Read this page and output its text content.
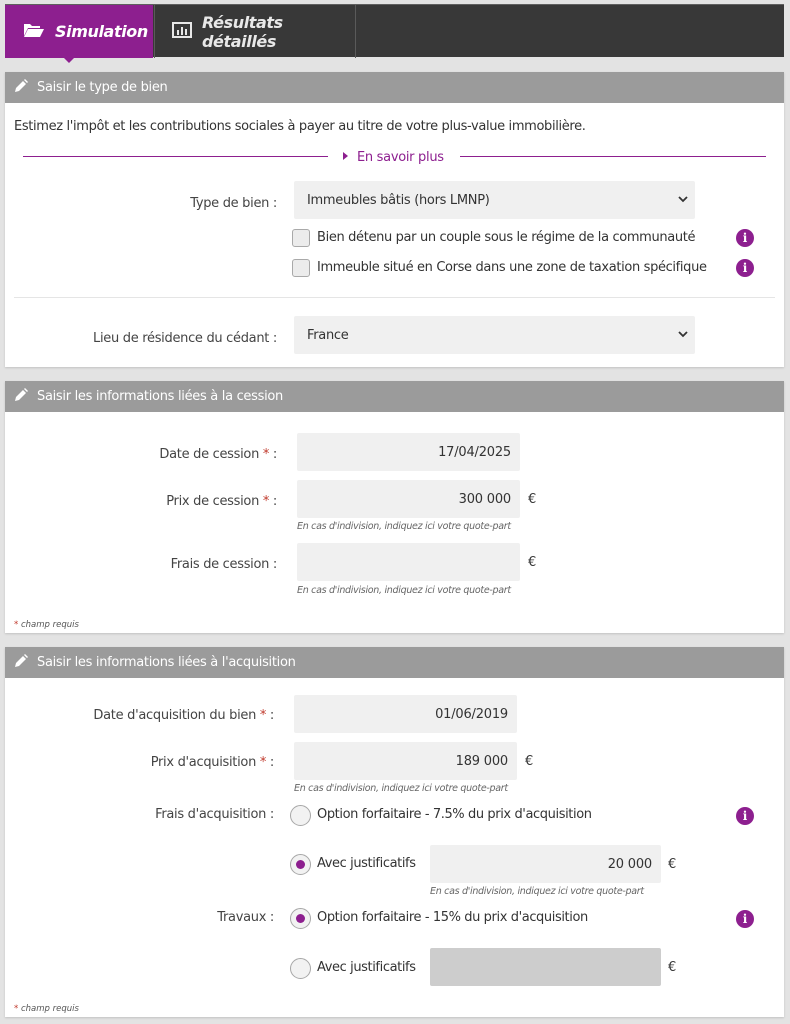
Simulation	Résultats détaillés
Saisir le type de bien
Estimez l'impôt et les contributions sociales à payer au titre de votre plus-value immobilière.
En savoir plus
Type de bien : Immeubles bâtis (hors LMNP)
Bien détenu par un couple sous le régime de la communauté	i
Immeuble situé en Corse dans une zone de taxation spécifique	i
Lieu de résidence du cédant : France
Saisir les informations liées à la cession
Date de cession * :	17/04/2025
Prix de cession * :	300 000 €
En cas d'indivision, indiquez ici votre quote-part
Frais de cession :	€
En cas d'indivision, indiquez ici votre quote-part
* champ requis
Saisir les informations liées à l'acquisition
Date d'acquisition du bien * :	01/06/2019
Prix d'acquisition * :	189 000 €
En cas d'indivision, indiquez ici votre quote-part
Frais d'acquisition :	Option forfaitaire - 7.5% du prix d'acquisition	i
Avec justificatifs	20 000 €
En cas d'indivision, indiquez ici votre quote-part
Travaux :	Option forfaitaire - 15% du prix d'acquisition	i
Avec justificatifs	€
* champ requis
